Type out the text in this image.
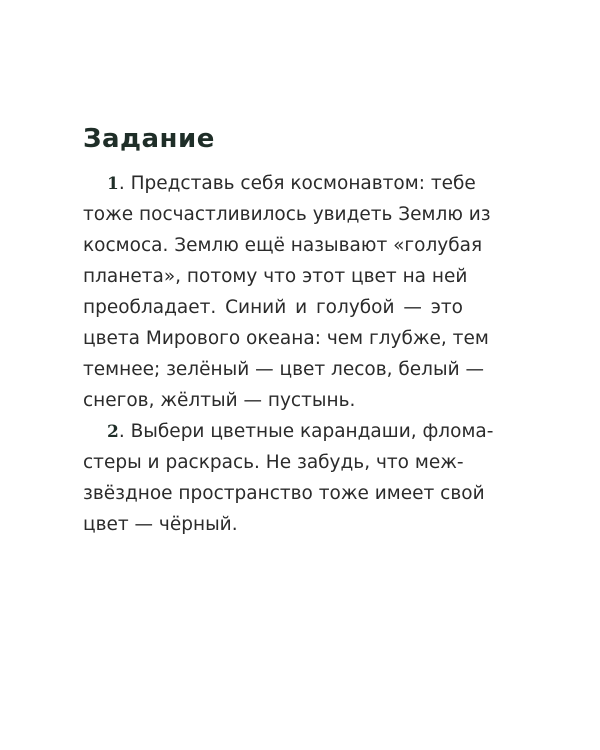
Задание
1. Представь себя космонавтом: тебе
тоже посчастливилось увидеть Землю из
космоса. Землю ещё называют «голубая
планета», потому что этот цвет на ней
преобладает. Синий и голубой — это
цвета Мирового океана: чем глубже, тем
темнее; зелёный — цвет лесов, белый —
снегов, жёлтый — пустынь.
2. Выбери цветные карандаши, флома-
стеры и раскрась. Не забудь, что меж-
звёздное пространство тоже имеет свой
цвет — чёрный.
